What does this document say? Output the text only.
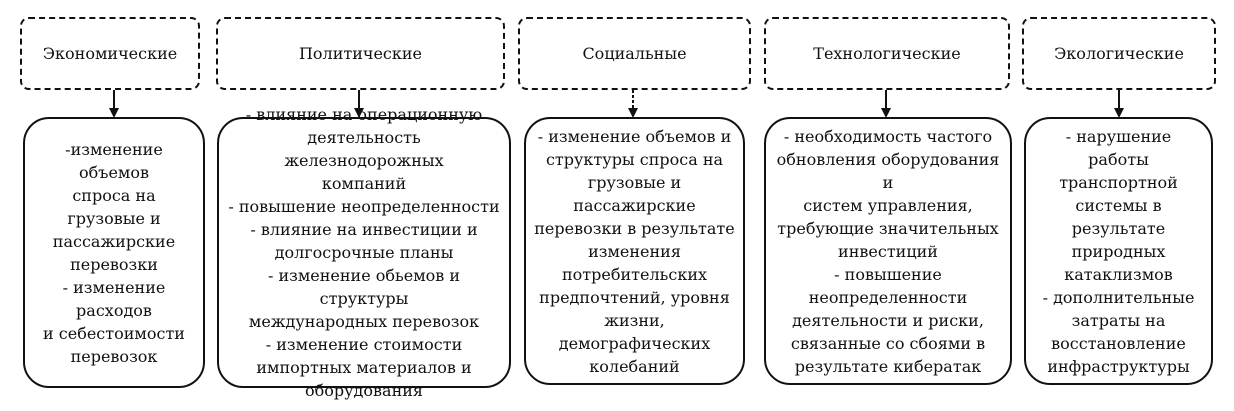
Экономические	Политические	Социальные	Технологические	Экологические
-изменение объемов
спроса на грузовые и
пассажирские
перевозки
- изменение расходов
и себестоимости
перевозок
- влияние на операционную
деятельность железнодорожных
компаний
- повышение неопределенности
- влияние на инвестиции и
долгосрочные планы
- изменение обьемов и структуры
международных перевозок
- изменение стоимости
импортных материалов и
оборудования
- изменение объемов и
структуры спроса на
грузовые и пассажирские
перевозки в результате
изменения
потребительских
предпочтений, уровня
жизни, демографических
колебаний
- необходимость частого
обновления оборудования и
систем управления,
требующие значительных
инвестиций
- повышение
неопределенности
деятельности и риски,
связанные со сбоями в
результате кибератак
- нарушение работы
транспортной
системы в результате
природных
катаклизмов
- дополнительные
затраты на
восстановление
инфраструктуры
